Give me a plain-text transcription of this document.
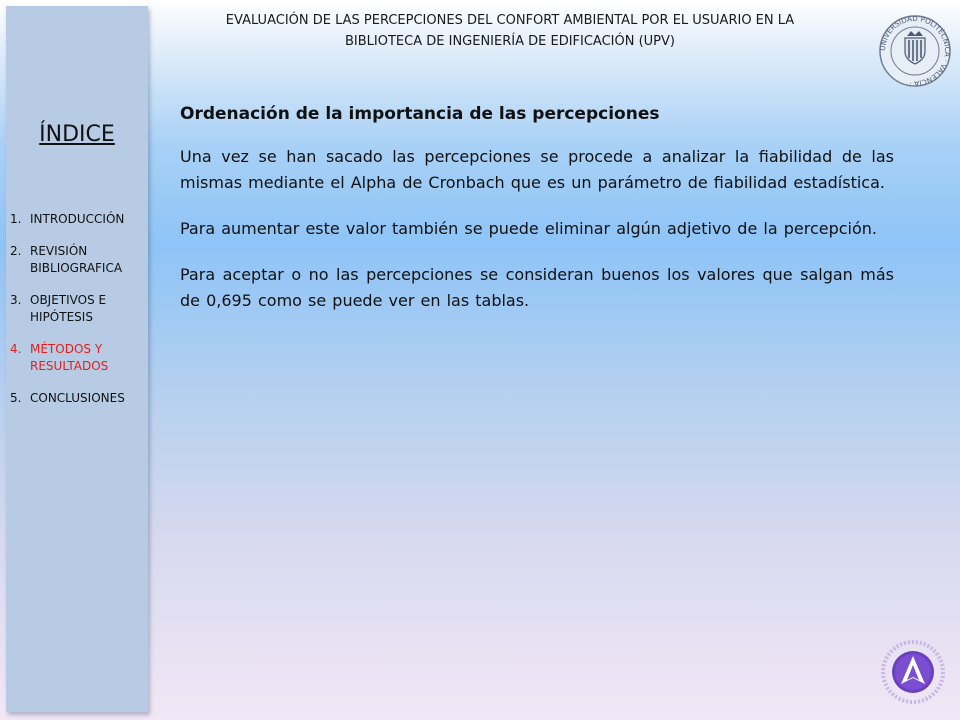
ÍNDICE
1. INTRODUCCIÓN
2. REVISIÓN BIBLIOGRAFICA
3. OBJETIVOS E HIPÓTESIS
4. MÉTODOS Y RESULTADOS
5. CONCLUSIONES
EVALUACIÓN DE LAS PERCEPCIONES DEL CONFORT AMBIENTAL POR EL USUARIO EN LA
BIBLIOTECA DE INGENIERÍA DE EDIFICACIÓN (UPV)	UNIVERSIDAD POLITÉCNICA · VALENCIA ·
Ordenación de la importancia de las percepciones

Una vez se han sacado las percepciones se procede a analizar la fiabilidad de las mismas mediante el Alpha de Cronbach que es un parámetro de fiabilidad estadística.

Para aumentar este valor también se puede eliminar algún adjetivo de la percepción.

Para aceptar o no las percepciones se consideran buenos los valores que salgan más de 0,695 como se puede ver en las tablas.
